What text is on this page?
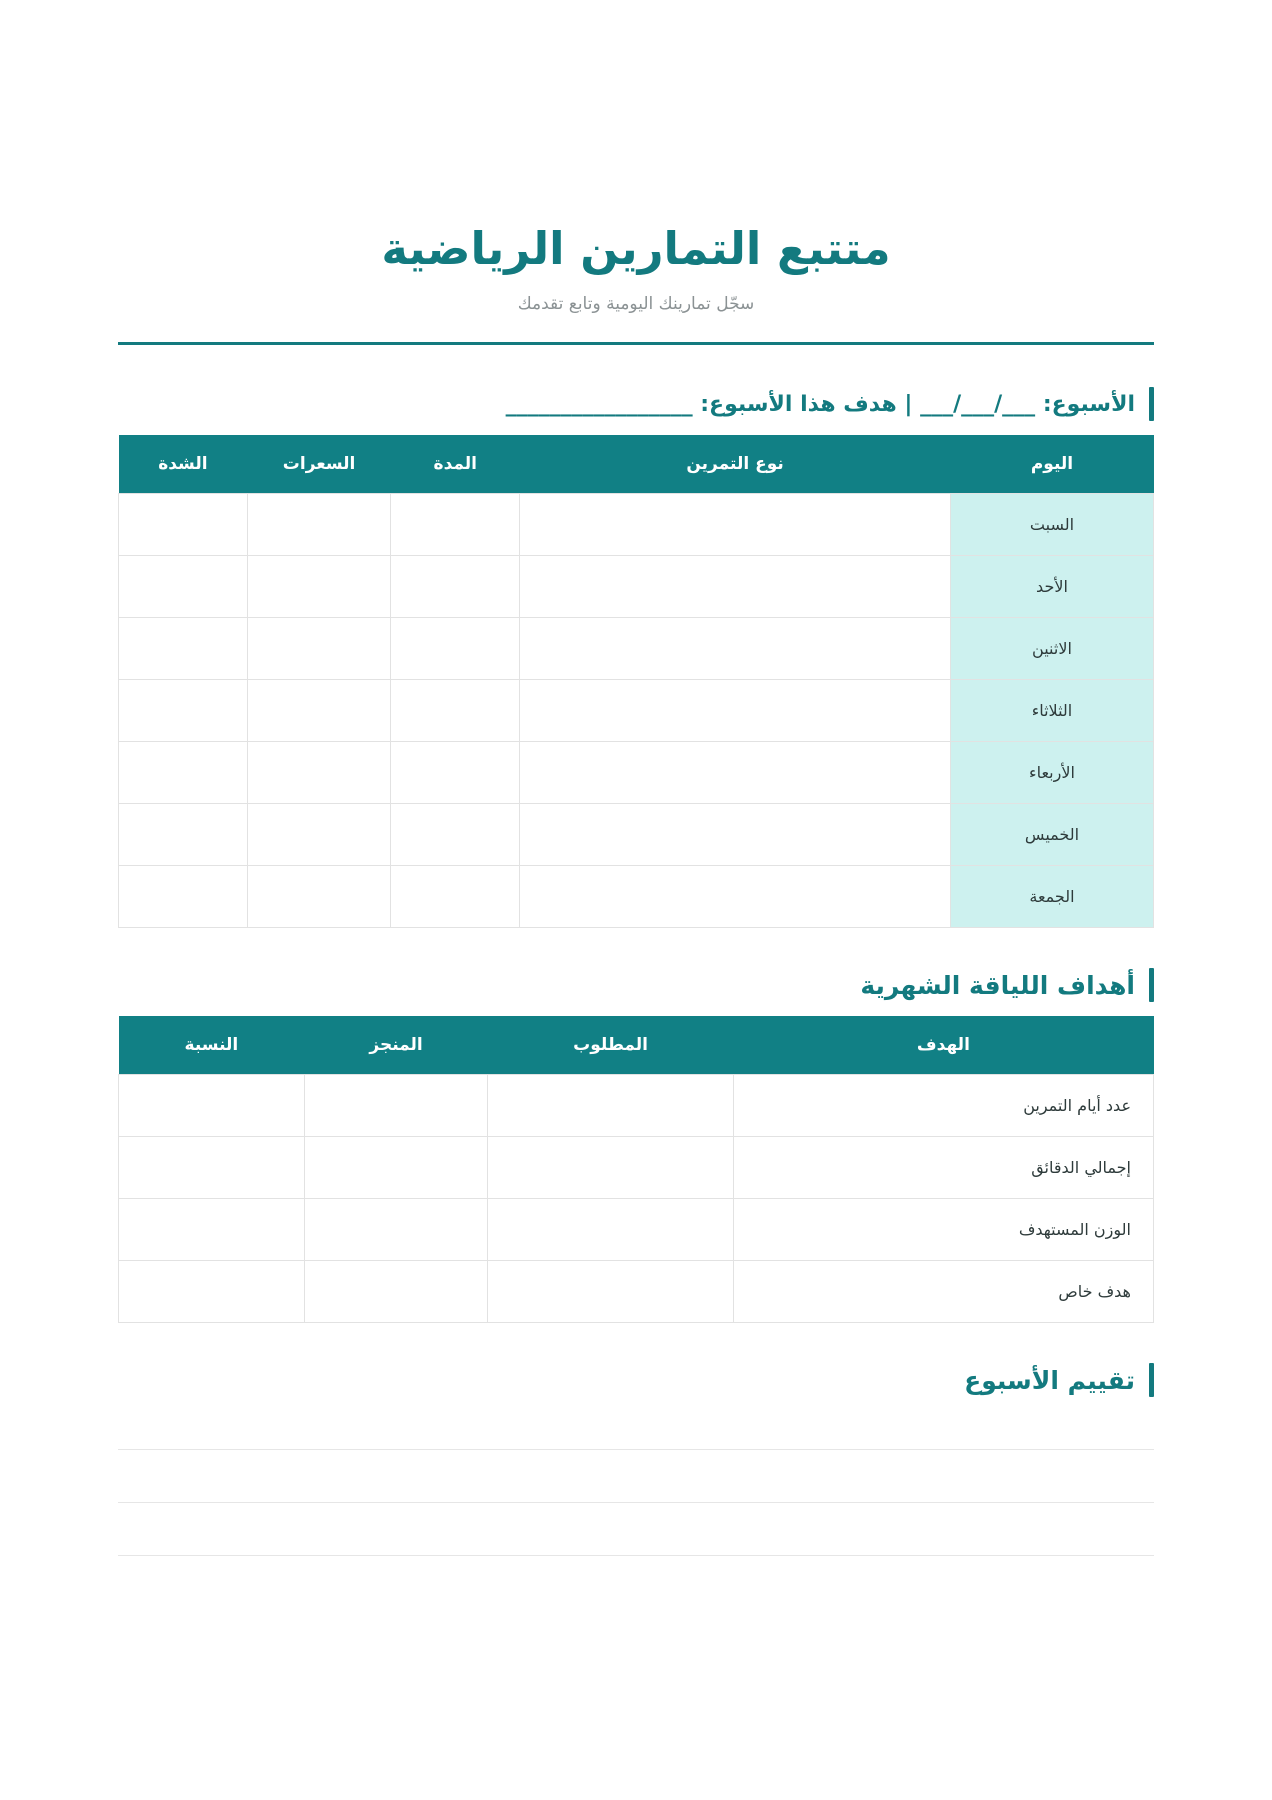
متتبع التمارين الرياضية

سجّل تمارينك اليومية وتابع تقدمك

الأسبوع: ___/___/___ | هدف هذا الأسبوع: _________________
اليوم	نوع التمرين	المدة	السعرات	الشدة
السبت				
الأحد				
الاثنين				
الثلاثاء				
الأربعاء				
الخميس				
الجمعة				
أهداف اللياقة الشهرية
الهدف	المطلوب	المنجز	النسبة
عدد أيام التمرين			
إجمالي الدقائق			
الوزن المستهدف			
هدف خاص			
تقييم الأسبوع
